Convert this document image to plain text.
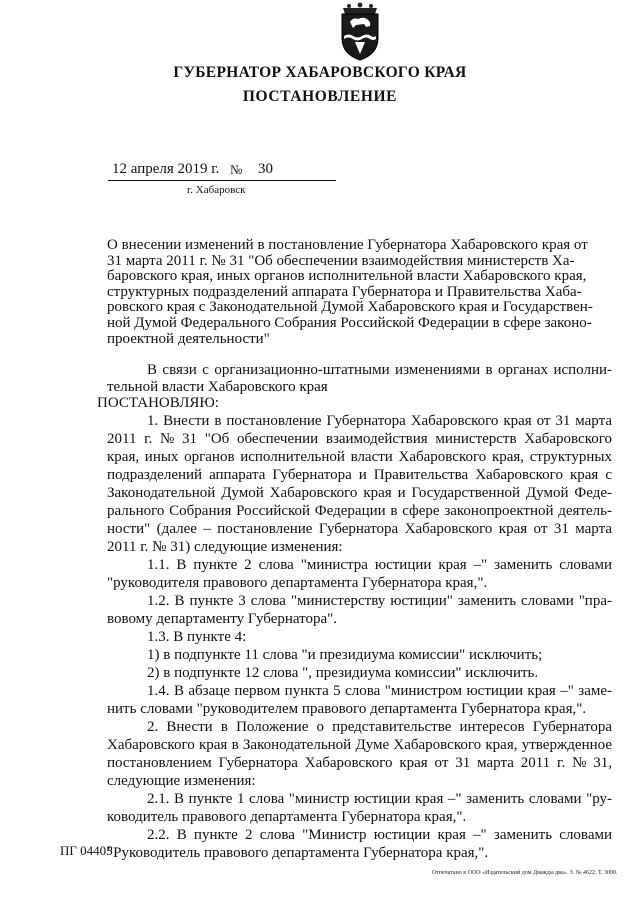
ГУБЕРНАТОР ХАБАРОВСКОГО КРАЯ
ПОСТАНОВЛЕНИЕ
12 апреля 2019 г. № 30
г. Хабаровск
О внесении изменений в постановление Губернатора Хабаровского края от
31 марта 2011 г. № 31 "Об обеспечении взаимодействия министерств Ха-
баровского края, иных органов исполнительной власти Хабаровского края,
структурных подразделений аппарата Губернатора и Правительства Хаба-
ровского края с Законодательной Думой Хабаровского края и Государствен-
ной Думой Федерального Собрания Российской Федерации в сфере законо-
проектной деятельности"
В связи с организационно-штатными изменениями в органах исполни-
тельной власти Хабаровского края
ПОСТАНОВЛЯЮ:
1. Внести в постановление Губернатора Хабаровского края от 31 марта
2011 г. № 31 "Об обеспечении взаимодействия министерств Хабаровского
края, иных органов исполнительной власти Хабаровского края, структурных
подразделений аппарата Губернатора и Правительства Хабаровского края с
Законодательной Думой Хабаровского края и Государственной Думой Феде-
рального Собрания Российской Федерации в сфере законопроектной деятель-
ности" (далее – постановление Губернатора Хабаровского края от 31 марта
2011 г. № 31) следующие изменения:
1.1. В пункте 2 слова "министра юстиции края –" заменить словами
"руководителя правового департамента Губернатора края,".
1.2. В пункте 3 слова "министерству юстиции" заменить словами "пра-
вовому департаменту Губернатора".
1.3. В пункте 4:
1) в подпункте 11 слова "и президиума комиссии" исключить;
2) в подпункте 12 слова ", президиума комиссии" исключить.
1.4. В абзаце первом пункта 5 слова "министром юстиции края –" заме-
нить словами "руководителем правового департамента Губернатора края,".
2. Внести в Положение о представительстве интересов Губернатора
Хабаровского края в Законодательной Думе Хабаровского края, утвержденное
постановлением Губернатора Хабаровского края от 31 марта 2011 г. № 31,
следующие изменения:
2.1. В пункте 1 слова "министр юстиции края –" заменить словами "ру-
ководитель правового департамента Губернатора края,".
2.2. В пункте 2 слова "Министр юстиции края –" заменить словами
"Руководитель правового департамента Губернатора края,".
ПГ 04405
Отпечатано в ООО «Издательский дом Дважды два». З. № 4622. Т. 3000.
